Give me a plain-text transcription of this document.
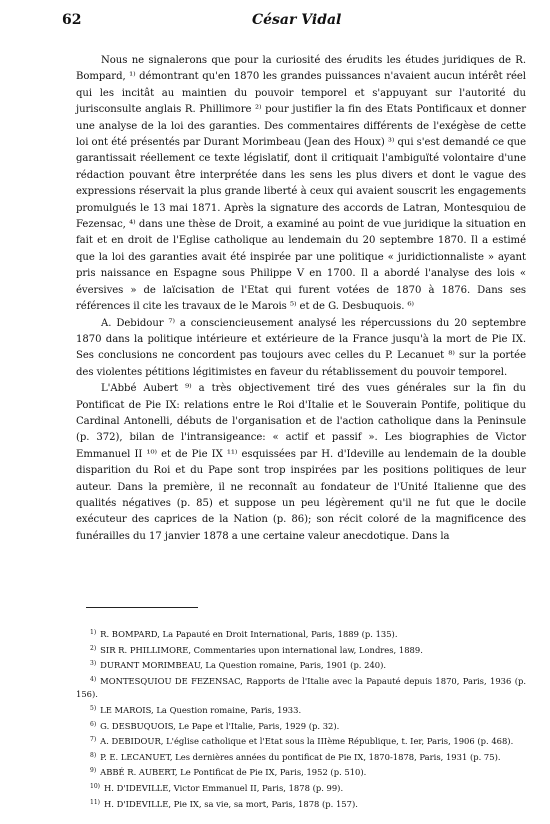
62	César Vidal

Nous ne signalerons que pour la curiosité des érudits les études juridiques de R. Bompard, ¹⁾ démontrant qu'en 1870 les grandes puissances n'avaient aucun intérêt réel qui les incitât au maintien du pouvoir temporel et s'appuyant sur l'autorité du jurisconsulte anglais R. Phillimore ²⁾ pour justifier la fin des Etats Pontificaux et donner une analyse de la loi des garanties. Des commentaires différents de l'exégèse de cette loi ont été présentés par Durant Morimbeau (Jean des Houx) ³⁾ qui s'est demandé ce que garantissait réellement ce texte législatif, dont il critiquait l'ambiguïté volontaire d'une rédaction pouvant être interprétée dans les sens les plus divers et dont le vague des expressions réservait la plus grande liberté à ceux qui avaient souscrit les engagements promulgués le 13 mai 1871. Après la signature des accords de Latran, Montesquiou de Fezensac, ⁴⁾ dans une thèse de Droit, a examiné au point de vue juridique la situation en fait et en droit de l'Eglise catholique au lendemain du 20 septembre 1870. Il a estimé que la loi des garanties avait été inspirée par une politique « juridictionnaliste » ayant pris naissance en Espagne sous Philippe V en 1700. Il a abordé l'analyse des lois « éversives » de laïcisation de l'Etat qui furent votées de 1870 à 1876. Dans ses références il cite les travaux de le Marois ⁵⁾ et de G. Desbuquois. ⁶⁾

A. Debidour ⁷⁾ a consciencieusement analysé les répercussions du 20 septembre 1870 dans la politique intérieure et extérieure de la France jusqu'à la mort de Pie IX. Ses conclusions ne concordent pas toujours avec celles du P. Lecanuet ⁸⁾ sur la portée des violentes pétitions légitimistes en faveur du rétablissement du pouvoir temporel.

L'Abbé Aubert ⁹⁾ a très objectivement tiré des vues générales sur la fin du Pontificat de Pie IX: relations entre le Roi d'Italie et le Souverain Pontife, politique du Cardinal Antonelli, débuts de l'organisation et de l'action catholique dans la Peninsule (p. 372), bilan de l'intransigeance: « actif et passif ». Les biographies de Victor Emmanuel II ¹⁰⁾ et de Pie IX ¹¹⁾ esquissées par H. d'Ideville au lendemain de la double disparition du Roi et du Pape sont trop inspirées par les positions politiques de leur auteur. Dans la première, il ne reconnaît au fondateur de l'Unité Italienne que des qualités négatives (p. 85) et suppose un peu légèrement qu'il ne fut que le docile exécuteur des caprices de la Nation (p. 86); son récit coloré de la magnificence des funérailles du 17 janvier 1878 a une certaine valeur anecdotique. Dans la

$^{1)}$ R. BOMPARD, La Papauté en Droit International, Paris, 1889 (p. 135).

$^{2)}$ SIR R. PHILLIMORE, Commentaries upon international law, Londres, 1889.

$^{3)}$ DURANT MORIMBEAU, La Question romaine, Paris, 1901 (p. 240).

$^{4)}$ MONTESQUIOU DE FEZENSAC, Rapports de l'Italie avec la Papauté depuis 1870, Paris, 1936 (p. 156).

$^{5)}$ LE MAROIS, La Question romaine, Paris, 1933.

$^{6)}$ G. DESBUQUOIS, Le Pape et l'Italie, Paris, 1929 (p. 32).

$^{7)}$ A. DEBIDOUR, L'église catholique et l'Etat sous la IIIème République, t. Ier, Paris, 1906 (p. 468).

$^{8)}$ P. E. LECANUET, Les dernières années du pontificat de Pie IX, 1870-1878, Paris, 1931 (p. 75).

$^{9)}$ ABBÉ R. AUBERT, Le Pontificat de Pie IX, Paris, 1952 (p. 510).

$^{10)}$ H. D'IDEVILLE, Victor Emmanuel II, Paris, 1878 (p. 99).

$^{11)}$ H. D'IDEVILLE, Pie IX, sa vie, sa mort, Paris, 1878 (p. 157).
